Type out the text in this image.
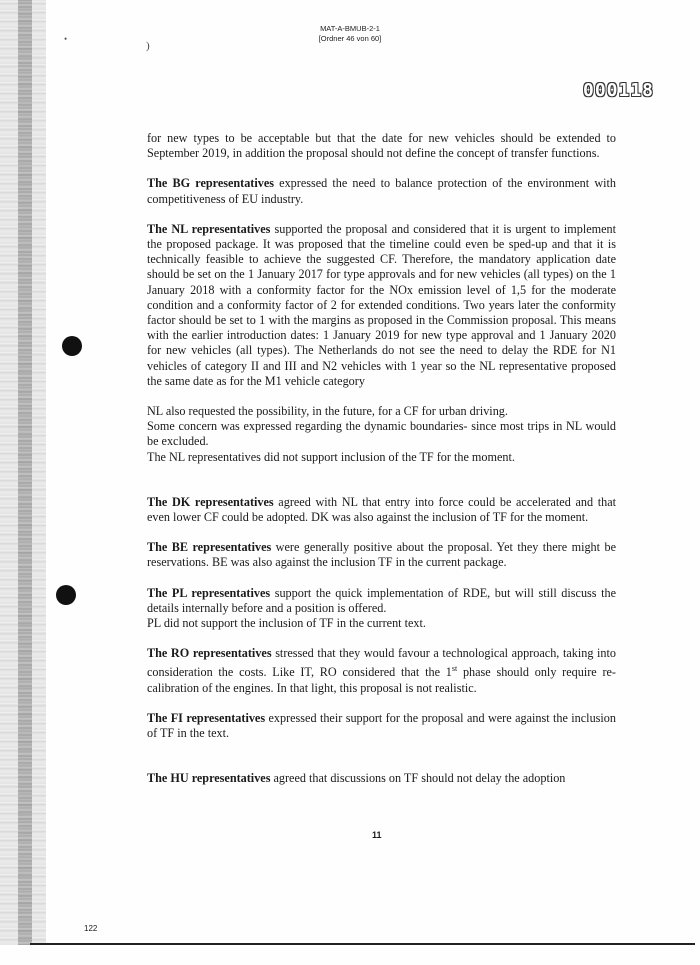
MAT-A-BMUB-2-1
[Ordner 46 von 60]
)
•
000118

for new types to be acceptable but that the date for new vehicles should be extended to September 2019, in addition the proposal should not define the concept of transfer functions.

The BG representatives expressed the need to balance protection of the environment with competitiveness of EU industry.

The NL representatives supported the proposal and considered that it is urgent to implement the proposed package. It was proposed that the timeline could even be sped-up and that it is technically feasible to achieve the suggested CF. Therefore, the mandatory application date should be set on the 1 January 2017 for type approvals and for new vehicles (all types) on the 1 January 2018 with a conformity factor for the NOx emission level of 1,5 for the moderate condition and a conformity factor of 2 for extended conditions. Two years later the conformity factor should be set to 1 with the margins as proposed in the Commission proposal. This means with the earlier introduction dates: 1 January 2019 for new type approval and 1 January 2020 for new vehicles (all types). The Netherlands do not see the need to delay the RDE for N1 vehicles of category II and III and N2 vehicles with 1 year so the NL representative proposed the same date as for the M1 vehicle category

NL also requested the possibility, in the future, for a CF for urban driving.

Some concern was expressed regarding the dynamic boundaries- since most trips in NL would be excluded.

The NL representatives did not support inclusion of the TF for the moment.

The DK representatives agreed with NL that entry into force could be accelerated and that even lower CF could be adopted. DK was also against the inclusion of TF for the moment.

The BE representatives were generally positive about the proposal. Yet they there might be reservations. BE was also against the inclusion TF in the current package.

The PL representatives support the quick implementation of RDE, but will still discuss the details internally before and a position is offered.

PL did not support the inclusion of TF in the current text.

The RO representatives stressed that they would favour a technological approach, taking into consideration the costs. Like IT, RO considered that the 1st phase should only require re-calibration of the engines. In that light, this proposal is not realistic.

The FI representatives expressed their support for the proposal and were against the inclusion of TF in the text.

The HU representatives agreed that discussions on TF should not delay the adoption

11
122
